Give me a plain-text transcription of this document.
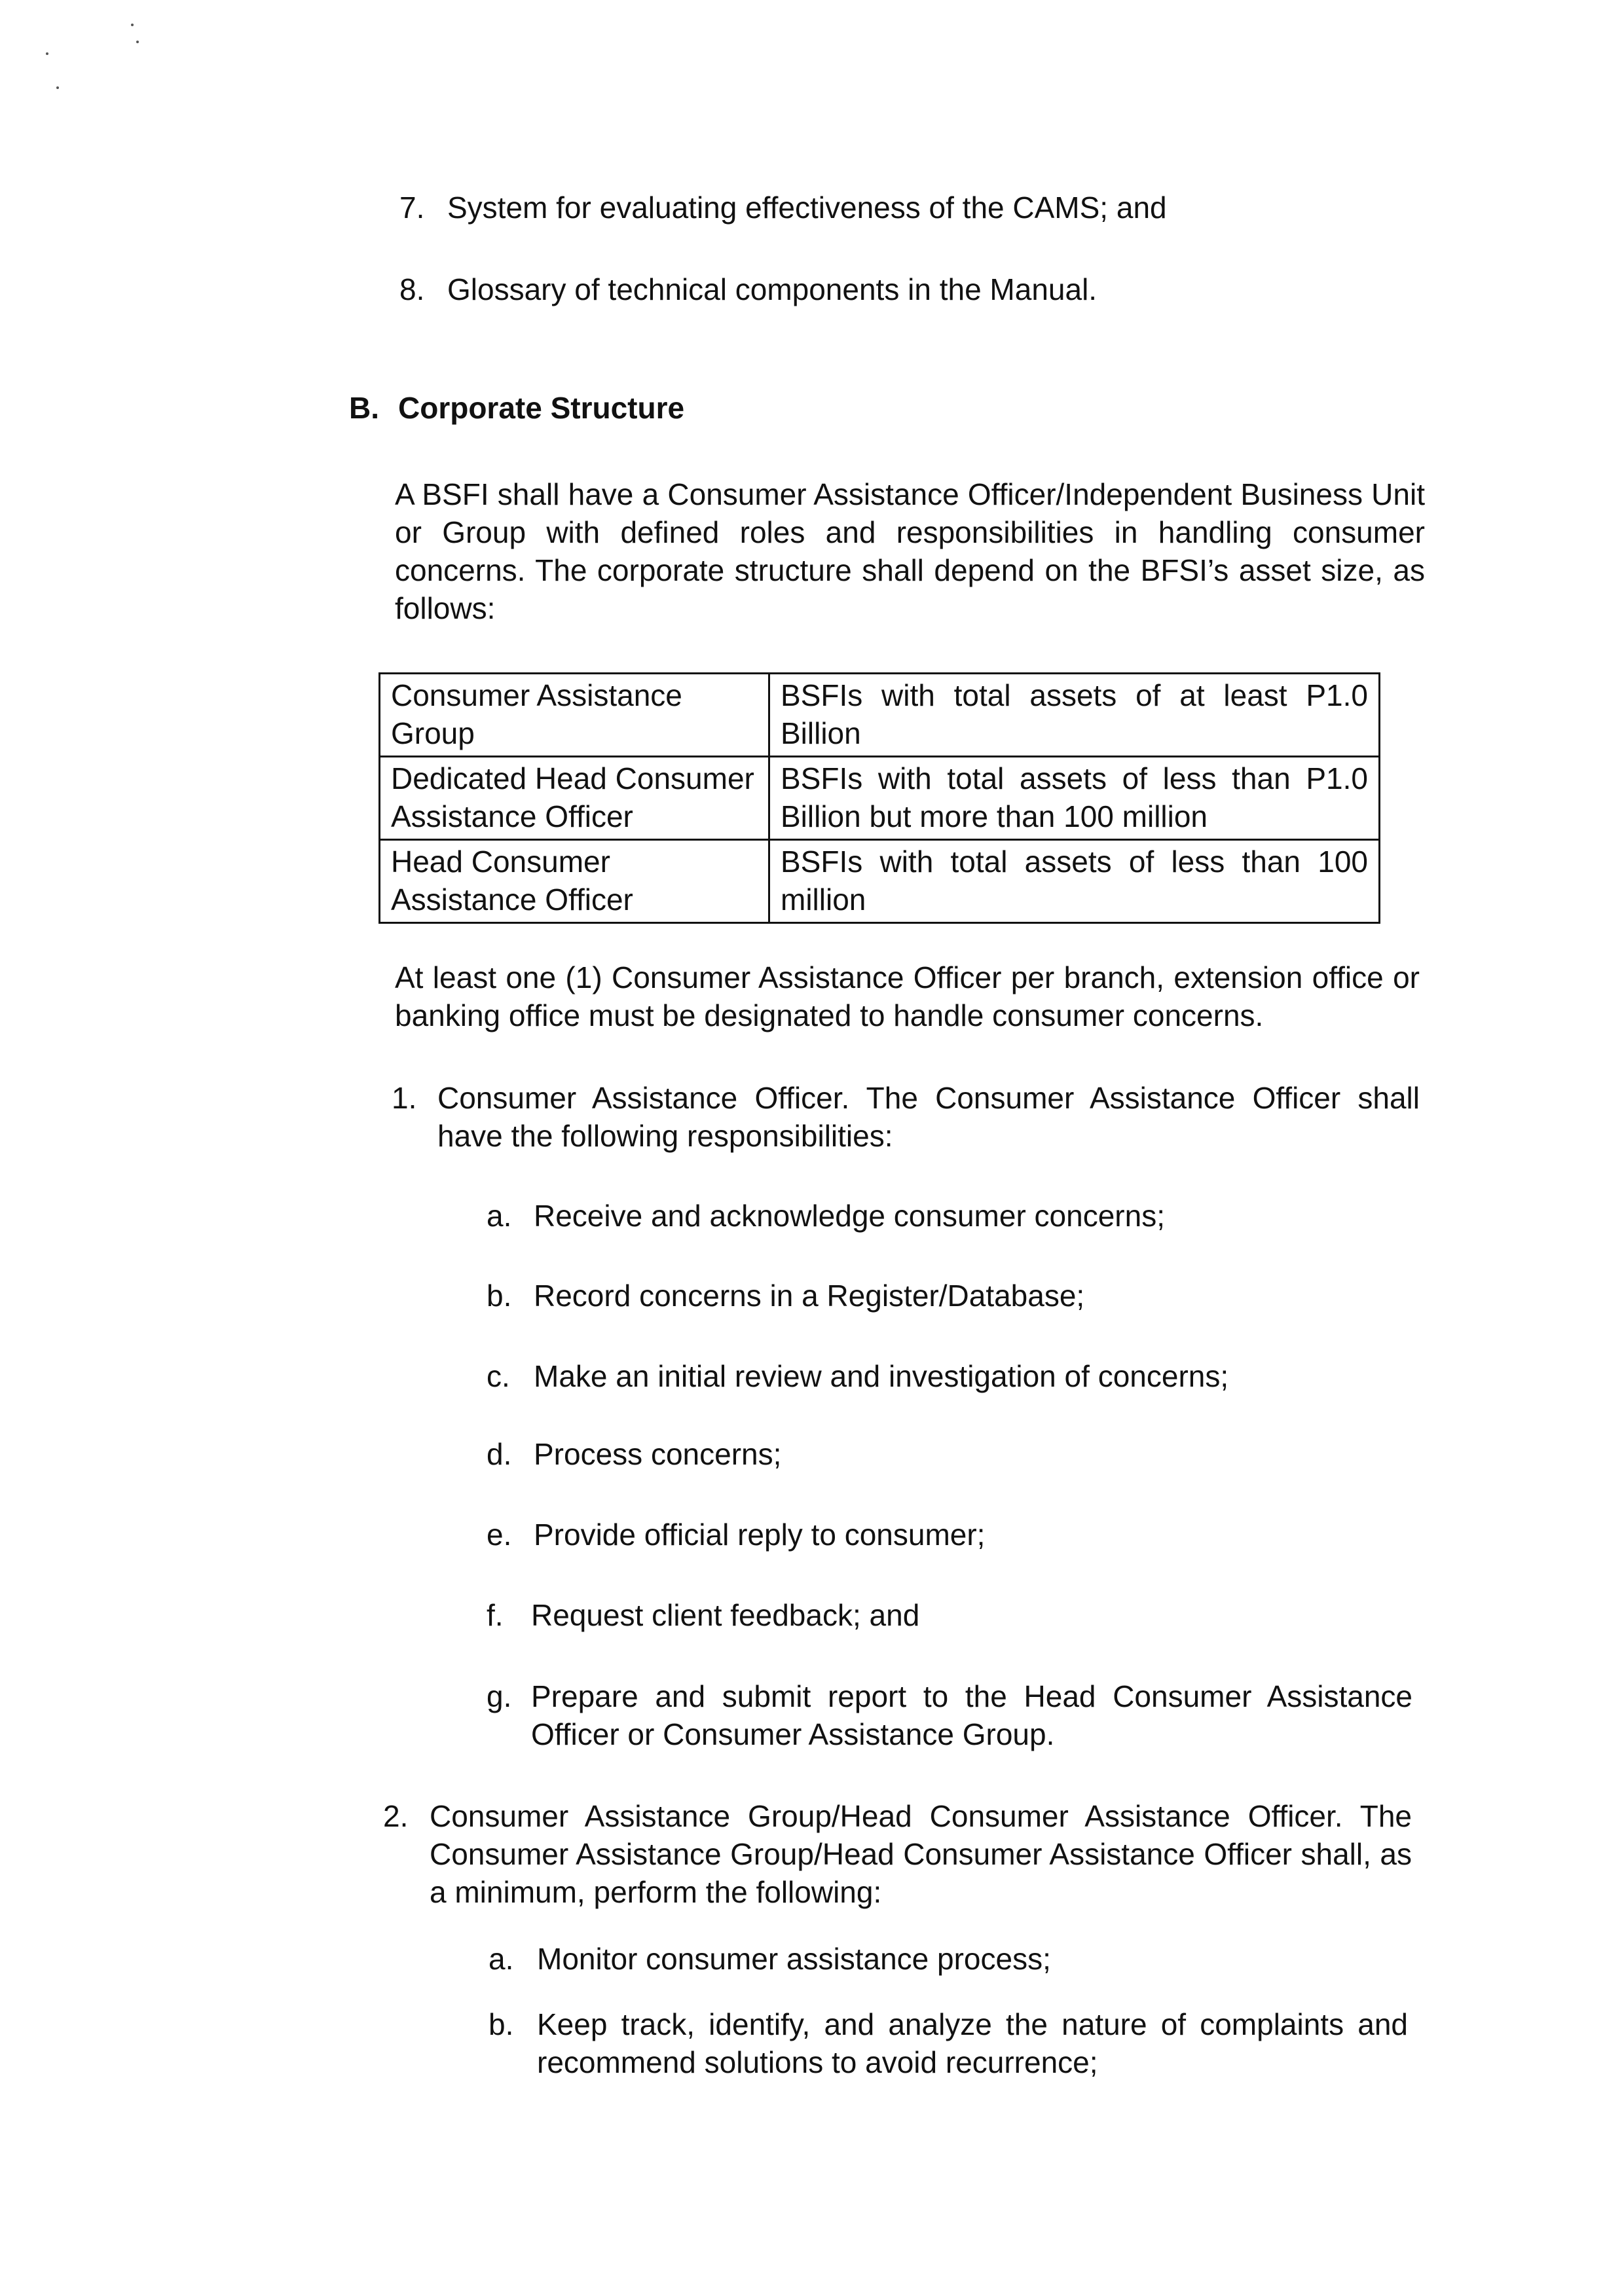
7. System for evaluating effectiveness of the CAMS; and
8. Glossary of technical components in the Manual.
B. Corporate Structure
A BSFI shall have a Consumer Assistance Officer/Independent Business Unit or Group with defined roles and responsibilities in handling consumer concerns. The corporate structure shall depend on the BFSI’s asset size, as follows:
Consumer Assistance Group	BSFIs with total assets of at least P1.0 Billion
Dedicated Head Consumer Assistance Officer	BSFIs with total assets of less than P1.0 Billion but more than 100 million
Head Consumer Assistance Officer	BSFIs with total assets of less than 100 million
At least one (1) Consumer Assistance Officer per branch, extension office or banking office must be designated to handle consumer concerns.
1. Consumer Assistance Officer. The Consumer Assistance Officer shall have the following responsibilities:
a. Receive and acknowledge consumer concerns;
b. Record concerns in a Register/Database;
c. Make an initial review and investigation of concerns;
d. Process concerns;
e. Provide official reply to consumer;
f. Request client feedback; and
g. Prepare and submit report to the Head Consumer Assistance Officer or Consumer Assistance Group.
2. Consumer Assistance Group/Head Consumer Assistance Officer. The Consumer Assistance Group/Head Consumer Assistance Officer shall, as a minimum, perform the following:
a. Monitor consumer assistance process;
b. Keep track, identify, and analyze the nature of complaints and recommend solutions to avoid recurrence;
